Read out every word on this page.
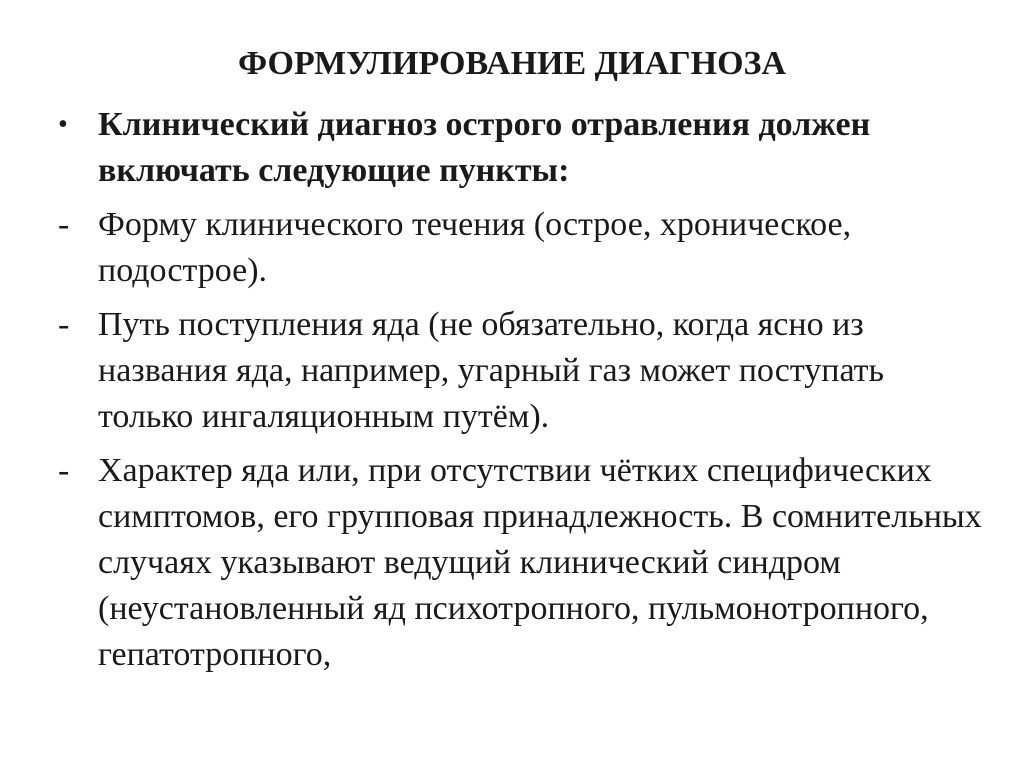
ФОРМУЛИРОВАНИЕ ДИАГНОЗА
• Клинический диагноз острого отравления должен включать следующие пункты:
- Форму клинического течения (острое, хроническое, подострое).
- Путь поступления яда (не обязательно, когда ясно из названия яда, например, угарный газ может поступать только ингаляционным путём).
- Характер яда или, при отсутствии чётких специфических симптомов, его групповая принадлежность. В сомнительных случаях указывают ведущий клинический синдром (неустановленный яд психотропного, пульмонотропного, гепатотропного,
